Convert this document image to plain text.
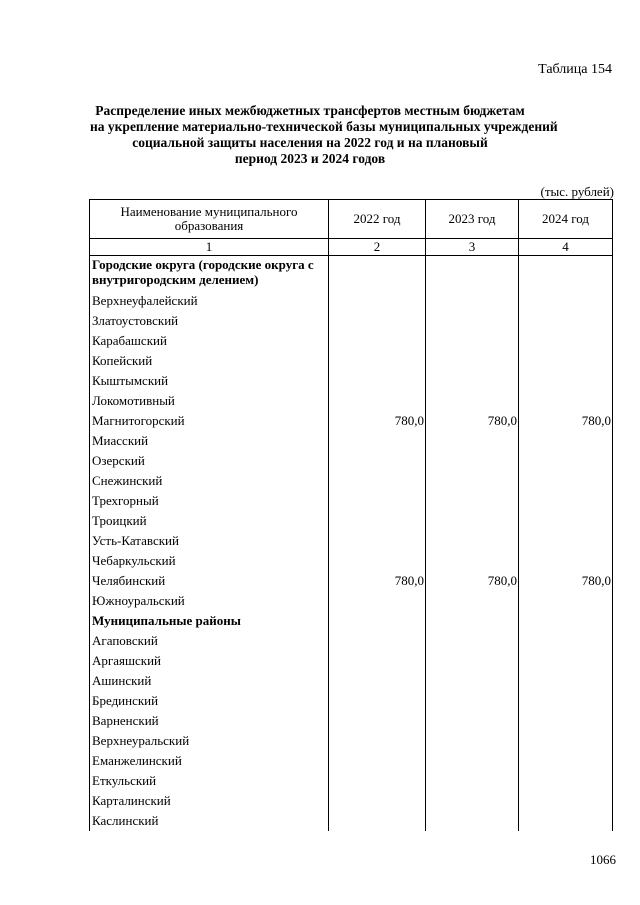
Таблица 154
Распределение иных межбюджетных трансфертов местным бюджетам
на укрепление материально-технической базы муниципальных учреждений
социальной защиты населения на 2022 год и на плановый
период 2023 и 2024 годов
(тыс. рублей)
Наименование муниципального образования	2022 год	2023 год	2024 год
1	2	3	4
Городские округа (городские округа с внутригородским делением)			
Верхнеуфалейский			
Златоустовский			
Карабашский			
Копейский			
Кыштымский			
Локомотивный			
Магнитогорский	780,0	780,0	780,0
Миасский			
Озерский			
Снежинский			
Трехгорный			
Троицкий			
Усть-Катавский			
Чебаркульский			
Челябинский	780,0	780,0	780,0
Южноуральский			
Муниципальные районы			
Агаповский			
Аргаяшский			
Ашинский			
Брединский			
Варненский			
Верхнеуральский			
Еманжелинский			
Еткульский			
Карталинский			
Каслинский			
1066
